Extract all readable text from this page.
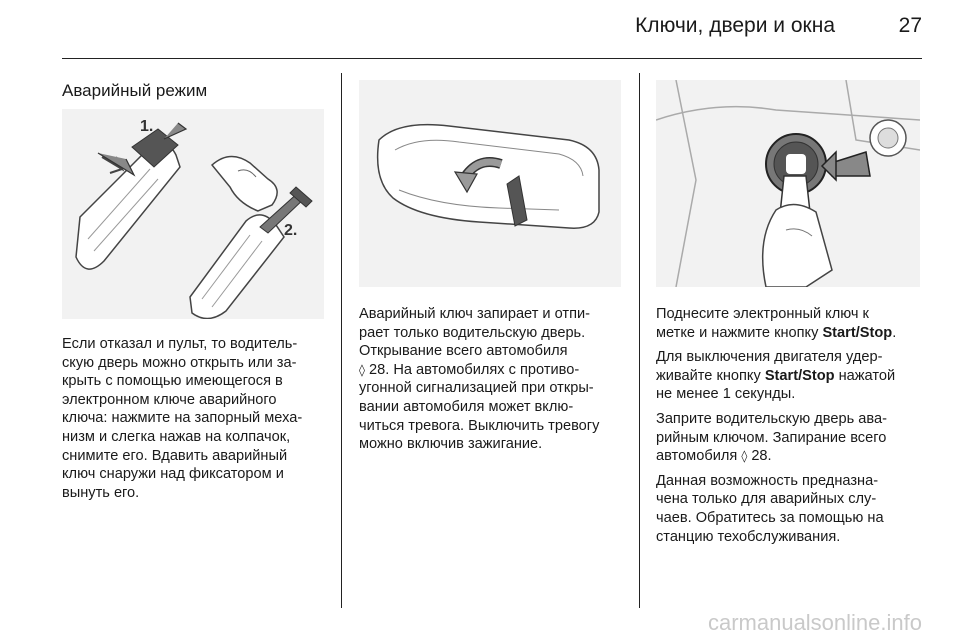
Ключи, двери и окна	27
Аварийный режим
1.
2.
Если отказал и пульт, то водитель-
скую дверь можно открыть или за-
крыть с помощью имеющегося в
электронном ключе аварийного
ключа: нажмите на запорный меха-
низм и слегка нажав на колпачок,
снимите его. Вдавить аварийный
ключ снаружи над фиксатором и
вынуть его.
Аварийный ключ запирает и отпи-
рает только водительскую дверь.
Открывание всего автомобиля
◊ 28. На автомобилях с противо-
угонной сигнализацией при откры-
вании автомобиля может вклю-
читься тревога. Выключить тревогу
можно включив зажигание.

Поднесите электронный ключ к
метке и нажмите кнопку Start/Stop.

Для выключения двигателя удер-
живайте кнопку Start/Stop нажатой
не менее 1 секунды.

Заприте водительскую дверь ава-
рийным ключом. Запирание всего
автомобиля ◊ 28.

Данная возможность предназна-
чена только для аварийных слу-
чаев. Обратитесь за помощью на
станцию техобслуживания.

carmanualsonline.info
